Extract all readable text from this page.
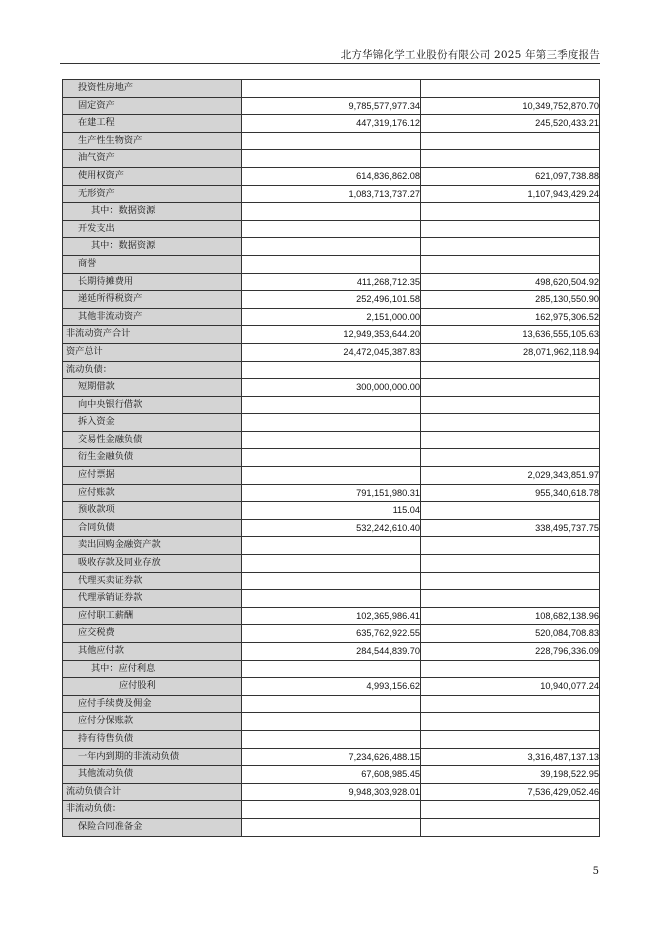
北方华锦化学工业股份有限公司 2025 年第三季度报告
投资性房地产		
固定资产	9,785,577,977.34	10,349,752,870.70
在建工程	447,319,176.12	245,520,433.21
生产性生物资产		
油气资产		
使用权资产	614,836,862.08	621,097,738.88
无形资产	1,083,713,737.27	1,107,943,429.24
其中：数据资源		
开发支出		
其中：数据资源		
商誉		
长期待摊费用	411,268,712.35	498,620,504.92
递延所得税资产	252,496,101.58	285,130,550.90
其他非流动资产	2,151,000.00	162,975,306.52
非流动资产合计	12,949,353,644.20	13,636,555,105.63
资产总计	24,472,045,387.83	28,071,962,118.94
流动负债：		
短期借款	300,000,000.00	
向中央银行借款		
拆入资金		
交易性金融负债		
衍生金融负债		
应付票据		2,029,343,851.97
应付账款	791,151,980.31	955,340,618.78
预收款项	115.04	
合同负债	532,242,610.40	338,495,737.75
卖出回购金融资产款		
吸收存款及同业存放		
代理买卖证券款		
代理承销证券款		
应付职工薪酬	102,365,986.41	108,682,138.96
应交税费	635,762,922.55	520,084,708.83
其他应付款	284,544,839.70	228,796,336.09
其中：应付利息		
应付股利	4,993,156.62	10,940,077.24
应付手续费及佣金		
应付分保账款		
持有待售负债		
一年内到期的非流动负债	7,234,626,488.15	3,316,487,137.13
其他流动负债	67,608,985.45	39,198,522.95
流动负债合计	9,948,303,928.01	7,536,429,052.46
非流动负债：		
保险合同准备金		
5
